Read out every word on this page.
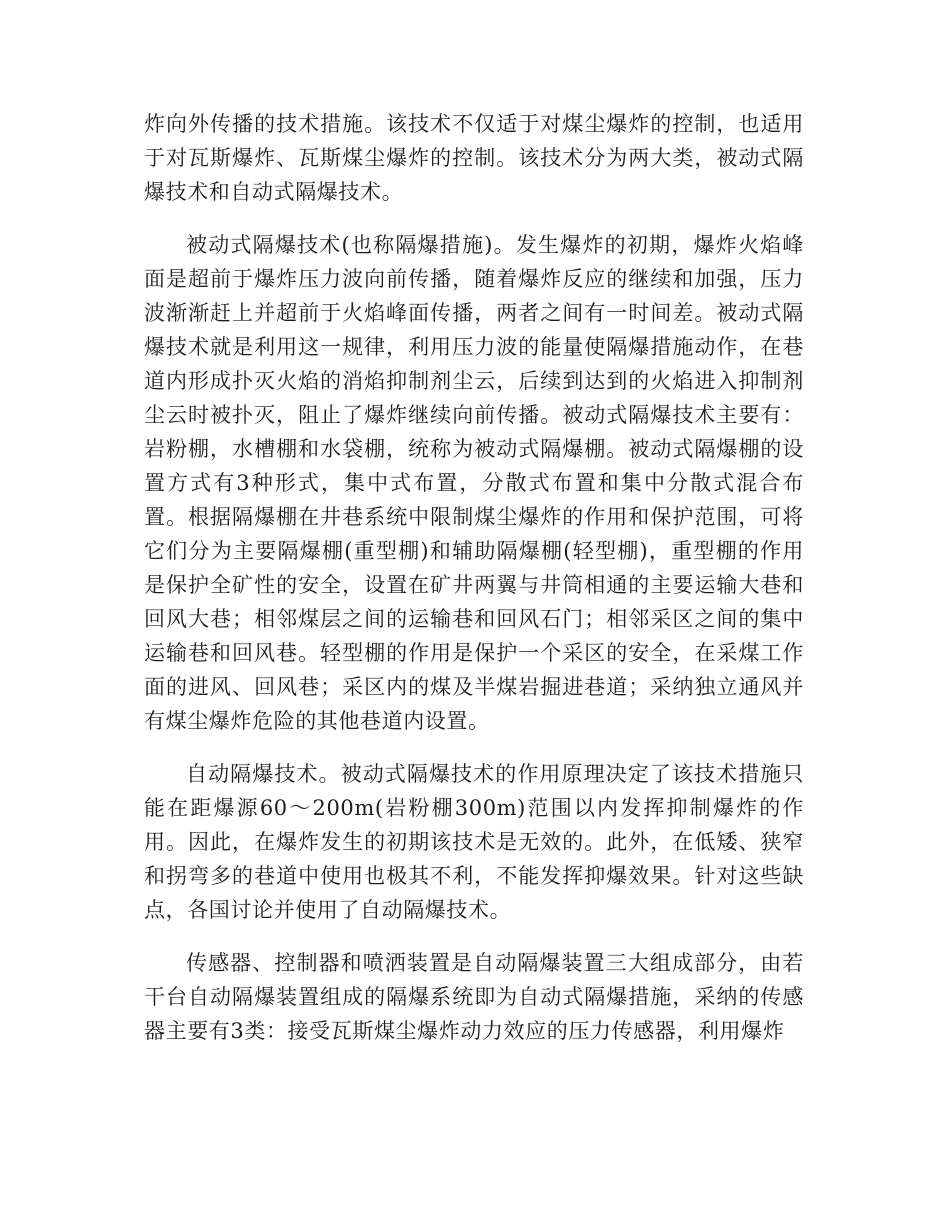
炸向外传播的技术措施。该技术不仅适于对煤尘爆炸的控制，也适用于对瓦斯爆炸、瓦斯煤尘爆炸的控制。该技术分为两大类，被动式隔爆技术和自动式隔爆技术。

被动式隔爆技术(也称隔爆措施)。发生爆炸的初期，爆炸火焰峰面是超前于爆炸压力波向前传播，随着爆炸反应的继续和加强，压力波渐渐赶上并超前于火焰峰面传播，两者之间有一时间差。被动式隔爆技术就是利用这一规律，利用压力波的能量使隔爆措施动作，在巷道内形成扑灭火焰的消焰抑制剂尘云，后续到达到的火焰进入抑制剂尘云时被扑灭，阻止了爆炸继续向前传播。被动式隔爆技术主要有：岩粉棚，水槽棚和水袋棚，统称为被动式隔爆棚。被动式隔爆棚的设置方式有3种形式，集中式布置，分散式布置和集中分散式混合布置。根据隔爆棚在井巷系统中限制煤尘爆炸的作用和保护范围，可将它们分为主要隔爆棚(重型棚)和辅助隔爆棚(轻型棚)，重型棚的作用是保护全矿性的安全，设置在矿井两翼与井筒相通的主要运输大巷和回风大巷；相邻煤层之间的运输巷和回风石门；相邻采区之间的集中运输巷和回风巷。轻型棚的作用是保护一个采区的安全，在采煤工作面的进风、回风巷；采区内的煤及半煤岩掘进巷道；采纳独立通风并有煤尘爆炸危险的其他巷道内设置。

自动隔爆技术。被动式隔爆技术的作用原理决定了该技术措施只能在距爆源60～200m(岩粉棚300m)范围以内发挥抑制爆炸的作用。因此，在爆炸发生的初期该技术是无效的。此外，在低矮、狭窄和拐弯多的巷道中使用也极其不利，不能发挥抑爆效果。针对这些缺点，各国讨论并使用了自动隔爆技术。

传感器、控制器和喷洒装置是自动隔爆装置三大组成部分，由若干台自动隔爆装置组成的隔爆系统即为自动式隔爆措施，采纳的传感器主要有3类：接受瓦斯煤尘爆炸动力效应的压力传感器，利用爆炸
